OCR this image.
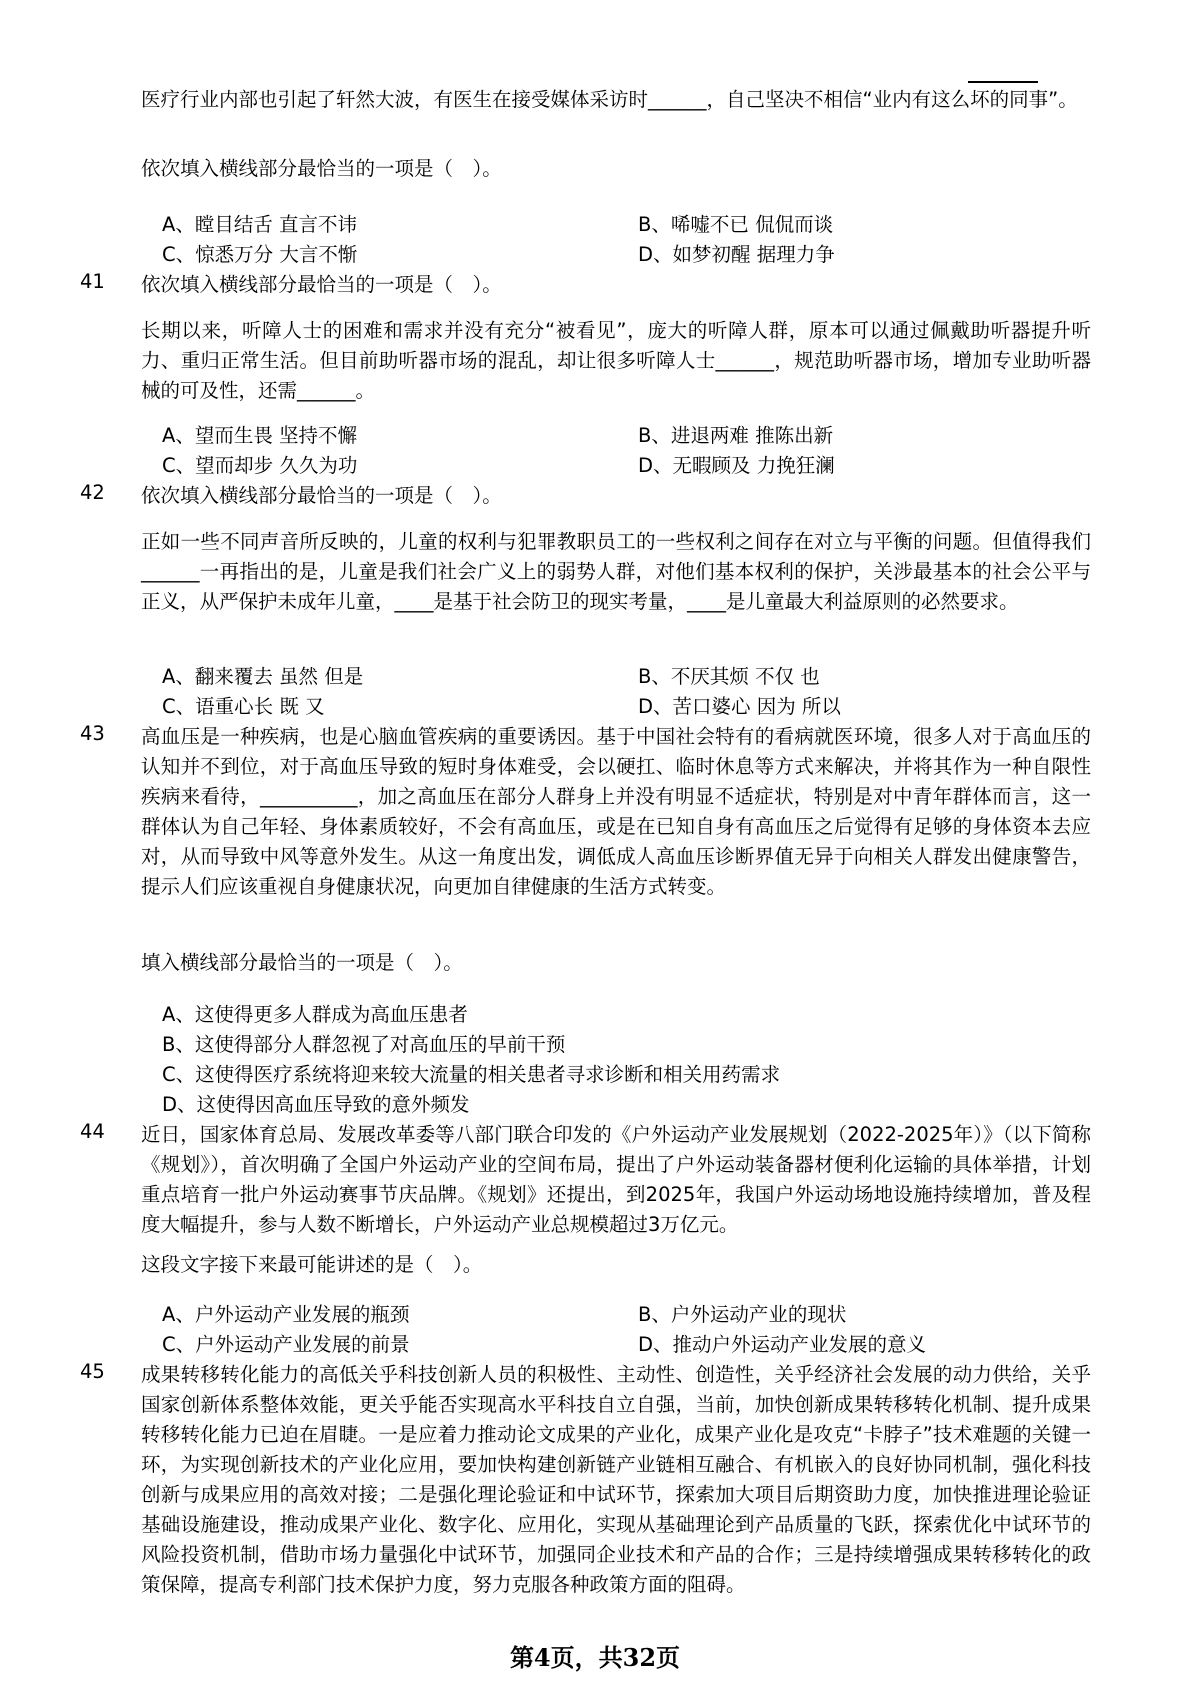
医疗行业内部也引起了轩然大波，有医生在接受媒体采访时______，自己坚决不相信“业内有这么坏的同事”。
依次填入横线部分最恰当的一项是（　）。
A、瞠目结舌 直言不讳	B、唏嘘不已 侃侃而谈
C、惊悉万分 大言不惭	D、如梦初醒 据理力争
41	依次填入横线部分最恰当的一项是（　）。
长期以来，听障人士的困难和需求并没有充分“被看见”，庞大的听障人群，原本可以通过佩戴助听器提升听力、重归正常生活。但目前助听器市场的混乱，却让很多听障人士______，规范助听器市场，增加专业助听器械的可及性，还需______。
A、望而生畏 坚持不懈	B、进退两难 推陈出新
C、望而却步 久久为功	D、无暇顾及 力挽狂澜
42	依次填入横线部分最恰当的一项是（　）。
正如一些不同声音所反映的，儿童的权利与犯罪教职员工的一些权利之间存在对立与平衡的问题。但值得我们______一再指出的是，儿童是我们社会广义上的弱势人群，对他们基本权利的保护，关涉最基本的社会公平与正义，从严保护未成年儿童，____是基于社会防卫的现实考量，____是儿童最大利益原则的必然要求。
A、翻来覆去 虽然 但是	B、不厌其烦 不仅 也
C、语重心长 既 又	D、苦口婆心 因为 所以
43	高血压是一种疾病，也是心脑血管疾病的重要诱因。基于中国社会特有的看病就医环境，很多人对于高血压的认知并不到位，对于高血压导致的短时身体难受，会以硬扛、临时休息等方式来解决，并将其作为一种自限性疾病来看待，__________，加之高血压在部分人群身上并没有明显不适症状，特别是对中青年群体而言，这一群体认为自己年轻、身体素质较好，不会有高血压，或是在已知自身有高血压之后觉得有足够的身体资本去应对，从而导致中风等意外发生。从这一角度出发，调低成人高血压诊断界值无异于向相关人群发出健康警告，提示人们应该重视自身健康状况，向更加自律健康的生活方式转变。
填入横线部分最恰当的一项是（　）。
A、这使得更多人群成为高血压患者
B、这使得部分人群忽视了对高血压的早前干预
C、这使得医疗系统将迎来较大流量的相关患者寻求诊断和相关用药需求
D、这使得因高血压导致的意外频发
44	近日，国家体育总局、发展改革委等八部门联合印发的《户外运动产业发展规划（2022-2025年）》（以下简称《规划》），首次明确了全国户外运动产业的空间布局，提出了户外运动装备器材便利化运输的具体举措，计划重点培育一批户外运动赛事节庆品牌。《规划》还提出，到2025年，我国户外运动场地设施持续增加，普及程度大幅提升，参与人数不断增长，户外运动产业总规模超过3万亿元。
这段文字接下来最可能讲述的是（　）。
A、户外运动产业发展的瓶颈	B、户外运动产业的现状
C、户外运动产业发展的前景	D、推动户外运动产业发展的意义
45	成果转移转化能力的高低关乎科技创新人员的积极性、主动性、创造性，关乎经济社会发展的动力供给，关乎国家创新体系整体效能，更关乎能否实现高水平科技自立自强，当前，加快创新成果转移转化机制、提升成果转移转化能力已迫在眉睫。一是应着力推动论文成果的产业化，成果产业化是攻克“卡脖子”技术难题的关键一环，为实现创新技术的产业化应用，要加快构建创新链产业链相互融合、有机嵌入的良好协同机制，强化科技创新与成果应用的高效对接；二是强化理论验证和中试环节，探索加大项目后期资助力度，加快推进理论验证基础设施建设，推动成果产业化、数字化、应用化，实现从基础理论到产品质量的飞跃，探索优化中试环节的风险投资机制，借助市场力量强化中试环节，加强同企业技术和产品的合作；三是持续增强成果转移转化的政策保障，提高专利部门技术保护力度，努力克服各种政策方面的阻碍。
第4页，共32页
